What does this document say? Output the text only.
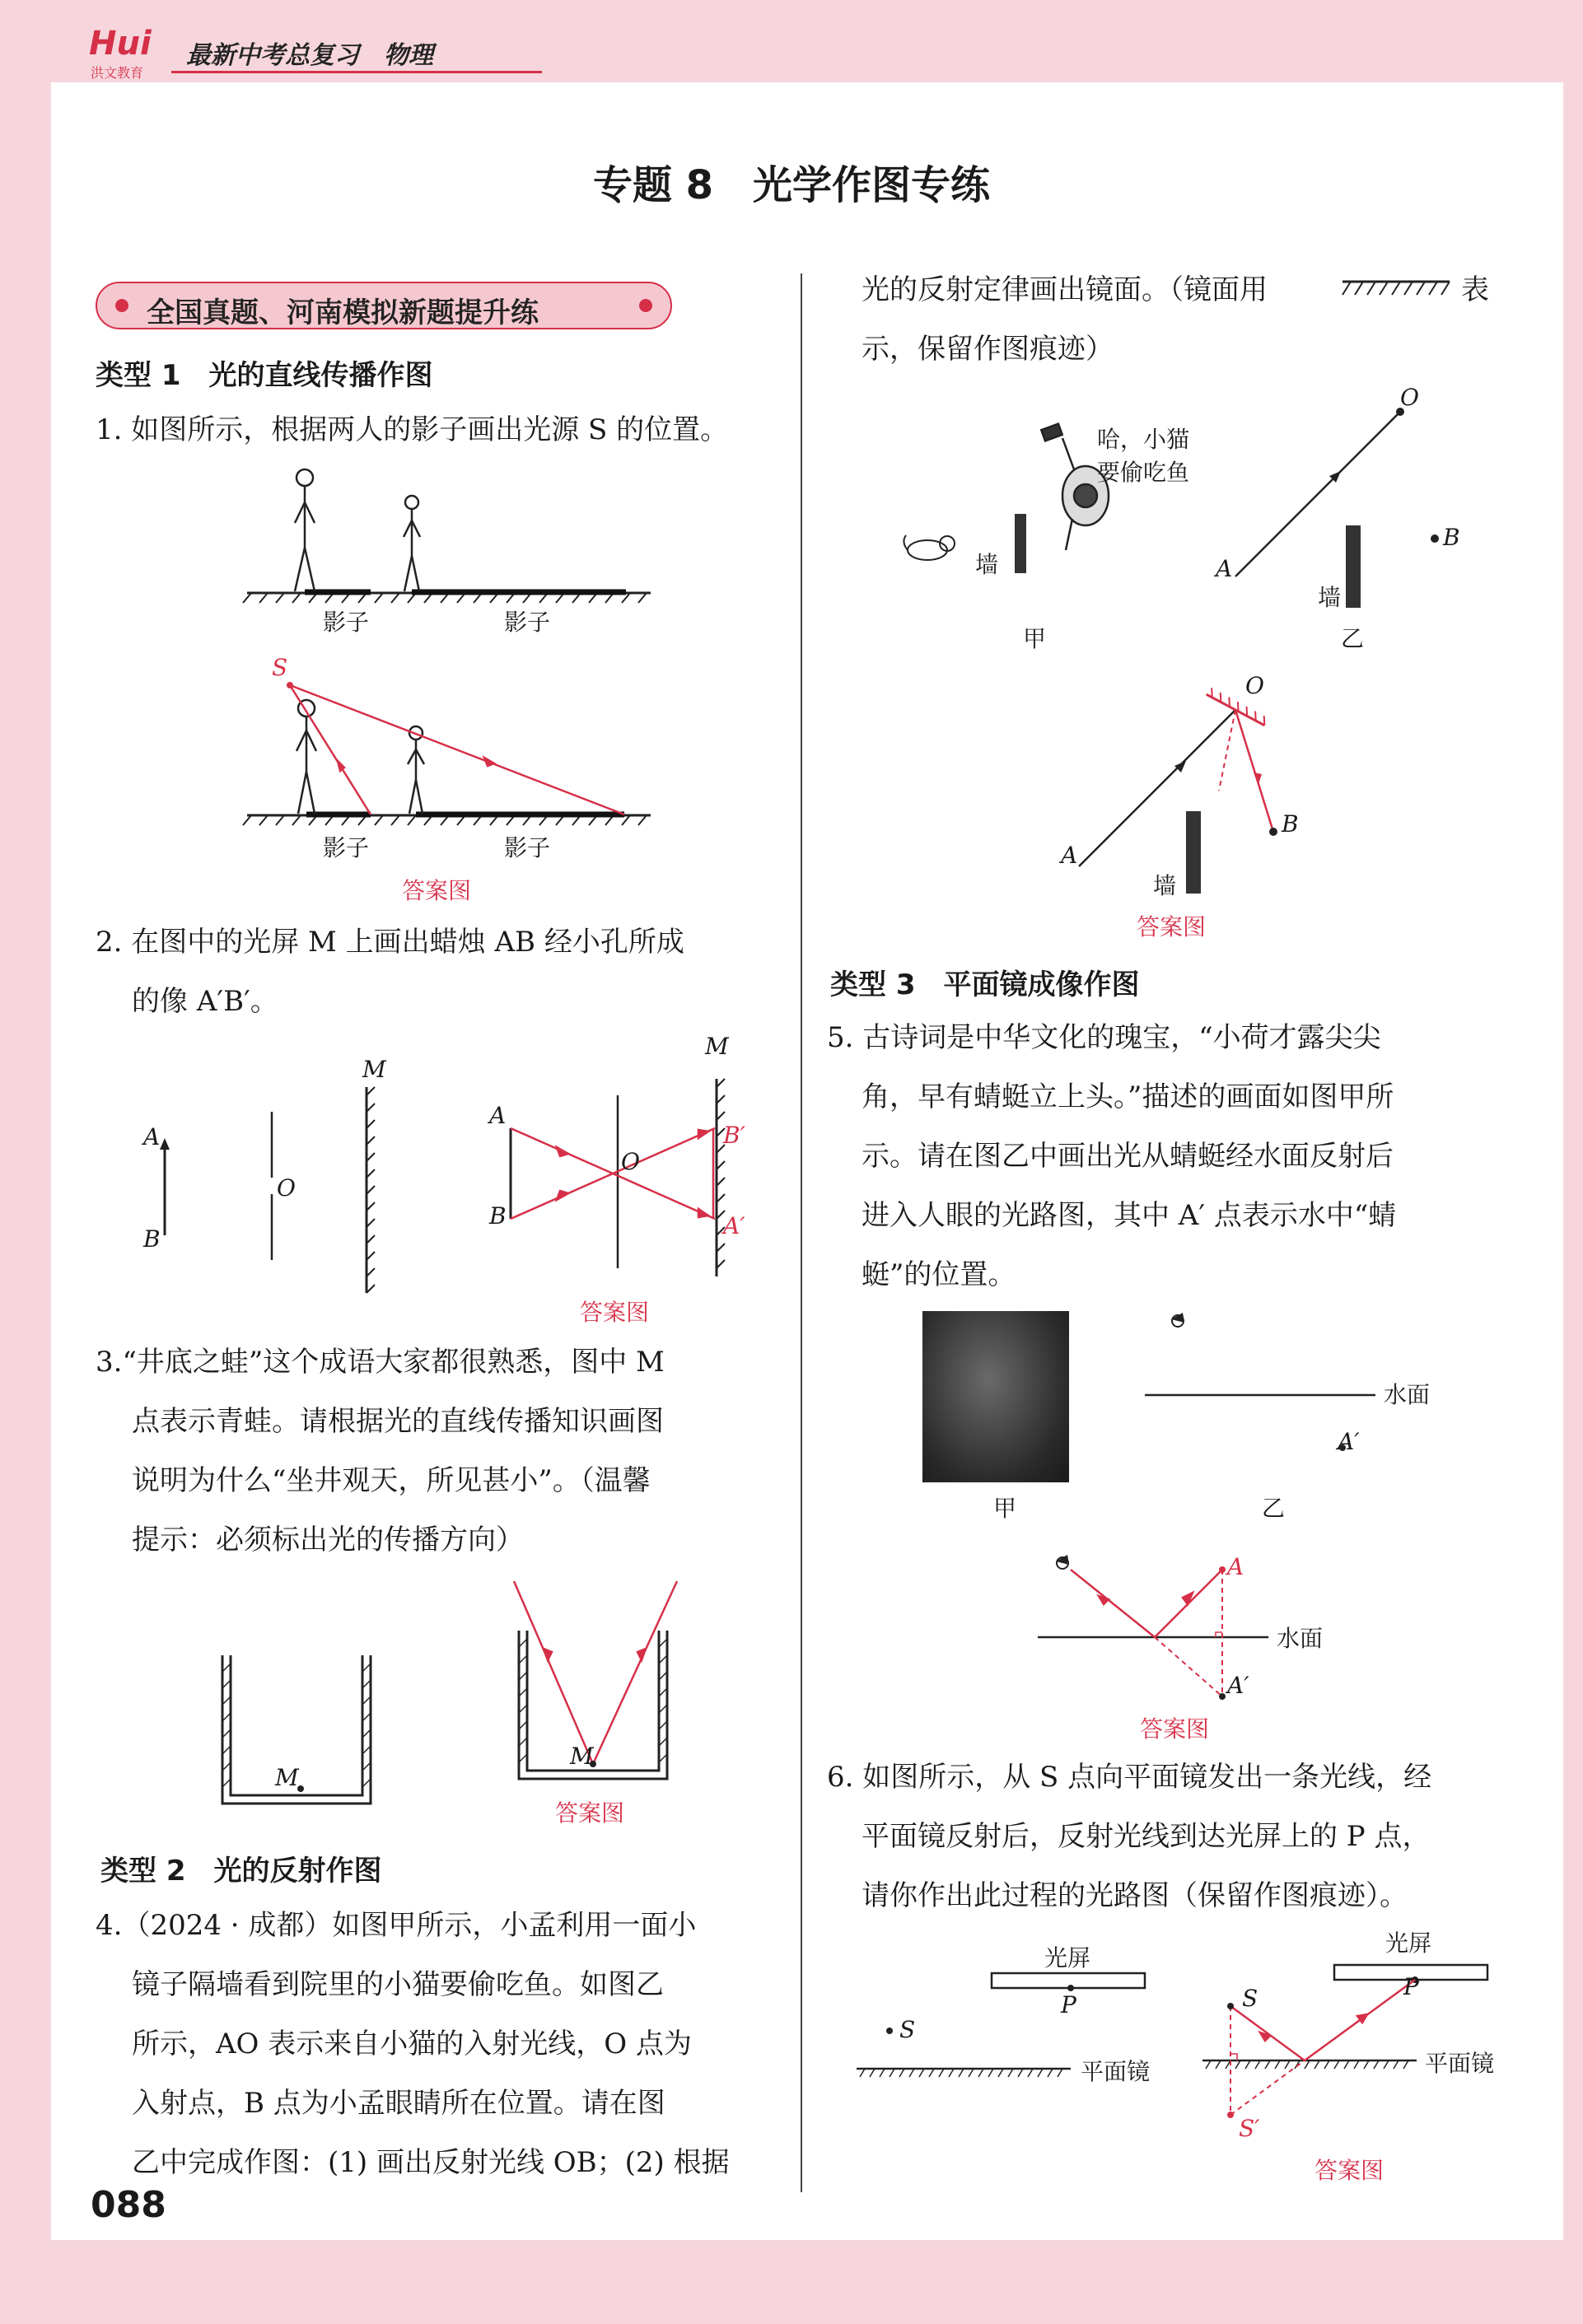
Hui
洪文教育
最新中考总复习　物理
专题 8　光学作图专练
全国真题、河南模拟新题提升练
类型 1　光的直线传播作图
1. 如图所示，根据两人的影子画出光源 S 的位置。
影子	影子
S
影子	影子
答案图
2. 在图中的光屏 M 上画出蜡烛 AB 经小孔所成
的像 A′B′。
M
A
B
O
M
A
B
O
B′
A′
答案图
3.“井底之蛙”这个成语大家都很熟悉，图中 M
点表示青蛙。请根据光的直线传播知识画图
说明为什么“坐井观天，所见甚小”。（温馨
提示：必须标出光的传播方向）
M
M
答案图
类型 2　光的反射作图
4.（2024 · 成都）如图甲所示，小孟利用一面小
镜子隔墙看到院里的小猫要偷吃鱼。如图乙
所示，AO 表示来自小猫的入射光线，O 点为
入射点，B 点为小孟眼睛所在位置。请在图
乙中完成作图：(1) 画出反射光线 OB；(2) 根据
088
光的反射定律画出镜面。（镜面用	表
示，保留作图痕迹）
哈，小猫
要偷吃鱼
墙
甲
O
A
B
墙
乙
O
A
B
墙
答案图
类型 3　平面镜成像作图
5. 古诗词是中华文化的瑰宝，“小荷才露尖尖
角，早有蜻蜓立上头。”描述的画面如图甲所
示。请在图乙中画出光从蜻蜓经水面反射后
进入人眼的光路图，其中 A′ 点表示水中“蜻
蜓”的位置。
甲
水面
A′
乙
A
水面
A′
答案图
6. 如图所示，从 S 点向平面镜发出一条光线，经
平面镜反射后，反射光线到达光屏上的 P 点，
请你作出此过程的光路图（保留作图痕迹）。
光屏
P
S
平面镜
光屏
P
S
平面镜
S′
答案图
